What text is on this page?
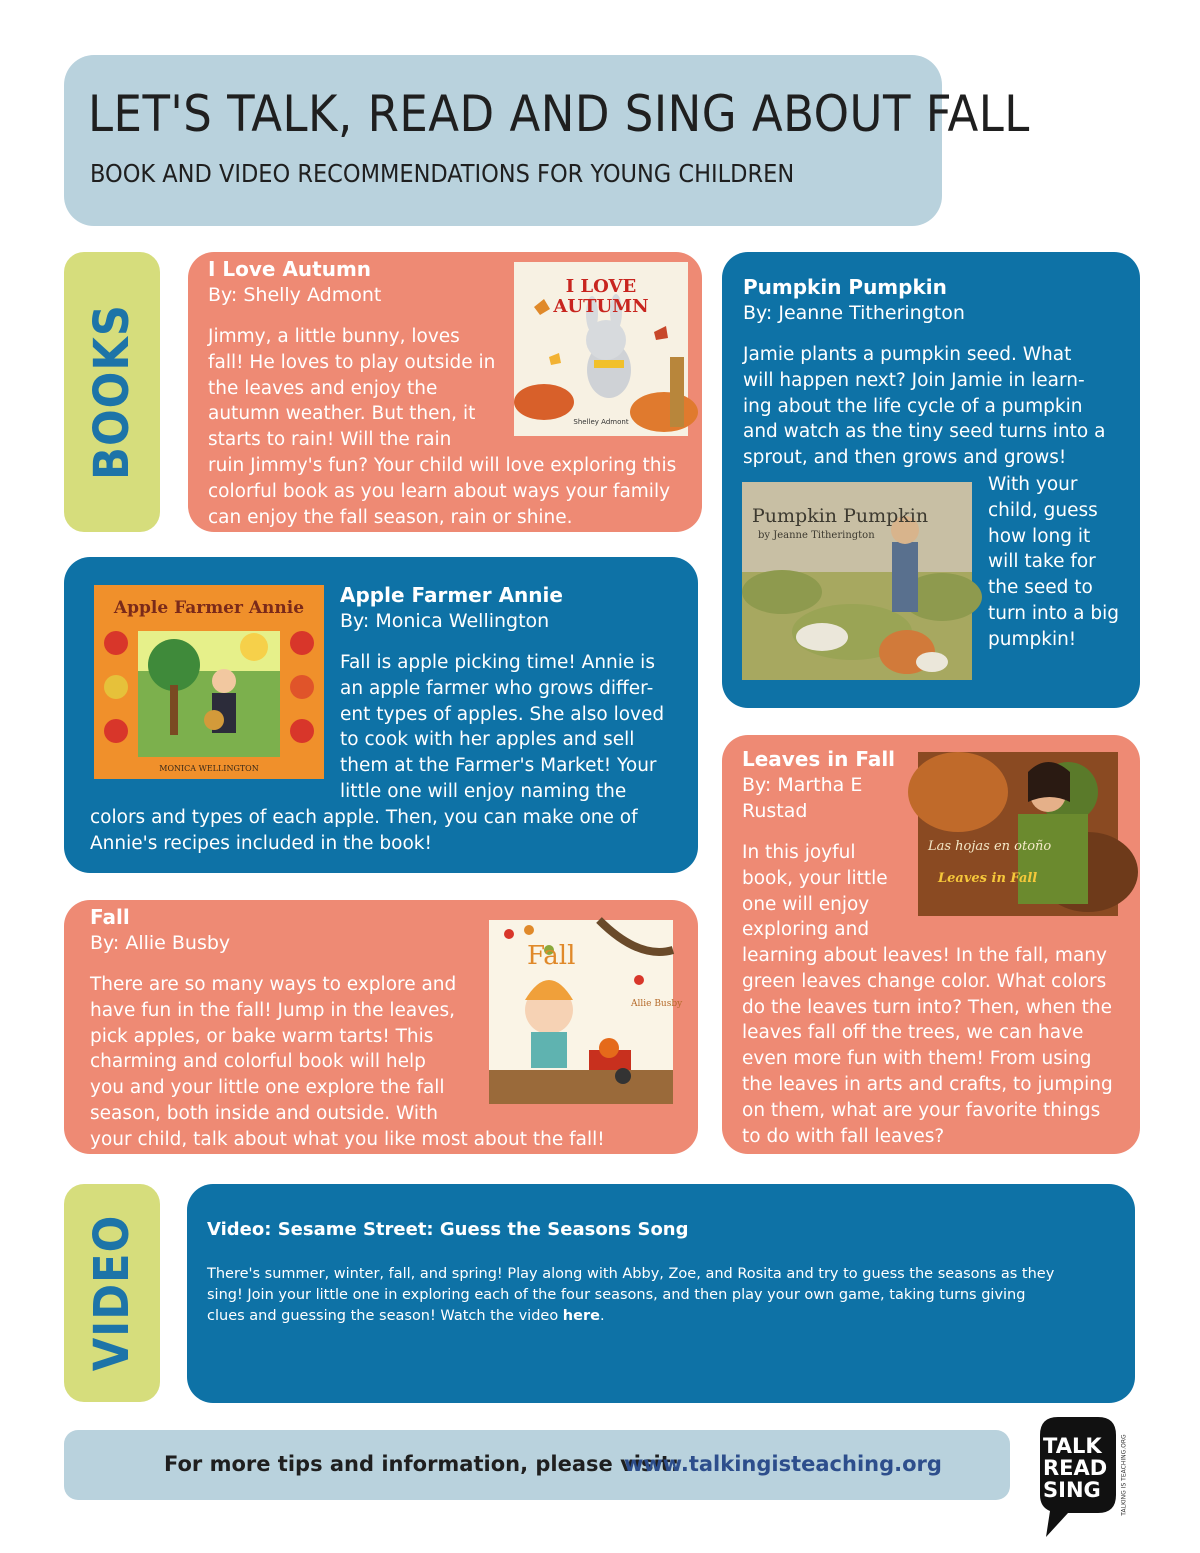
LET'S TALK, READ AND SING ABOUT FALL
BOOK AND VIDEO RECOMMENDATIONS FOR YOUNG CHILDREN
BOOKS
I Love Autumn
By: Shelly Admont
Jimmy, a little bunny, loves
fall! He loves to play outside in
the leaves and enjoy the
autumn weather. But then, it
starts to rain! Will the rain
ruin Jimmy's fun? Your child will love exploring this
colorful book as you learn about ways your family
can enjoy the fall season, rain or shine.
I LOVE
AUTUMN
Shelley Admont
Pumpkin Pumpkin
By: Jeanne Titherington
Jamie plants a pumpkin seed. What
will happen next? Join Jamie in learn-
ing about the life cycle of a pumpkin
and watch as the tiny seed turns into a
sprout, and then grows and grows!
With your
child, guess
how long it
will take for
the seed to
turn into a big
pumpkin!
Pumpkin Pumpkin
by Jeanne Titherington
Apple Farmer Annie
By: Monica Wellington
Fall is apple picking time! Annie is
an apple farmer who grows differ-
ent types of apples. She also loved
to cook with her apples and sell
them at the Farmer's Market! Your
little one will enjoy naming the
colors and types of each apple. Then, you can make one of
Annie's recipes included in the book!
Apple Farmer Annie
MONICA WELLINGTON	Leaves in Fall
By: Martha E
Rustad
In this joyful
book, your little
one will enjoy
exploring and
learning about leaves! In the fall, many
green leaves change color. What colors
do the leaves turn into? Then, when the
leaves fall off the trees, we can have
even more fun with them! From using
the leaves in arts and crafts, to jumping
on them, what are your favorite things
to do with fall leaves?
Las hojas en otoño
Leaves in Fall
Fall
By: Allie Busby
There are so many ways to explore and
have fun in the fall! Jump in the leaves,
pick apples, or bake warm tarts! This
charming and colorful book will help
you and your little one explore the fall
season, both inside and outside. With
your child, talk about what you like most about the fall!
Fall
Allie Busby
VIDEO	Video: Sesame Street: Guess the Seasons Song
There's summer, winter, fall, and spring! Play along with Abby, Zoe, and Rosita and try to guess the seasons as they
sing! Join your little one in exploring each of the four seasons, and then play your own game, taking turns giving
clues and guessing the season! Watch the video here.
For more tips and information, please visit:
www.talkingisteaching.org
TALK
READ
SING	TALKING IS TEACHING.ORG
